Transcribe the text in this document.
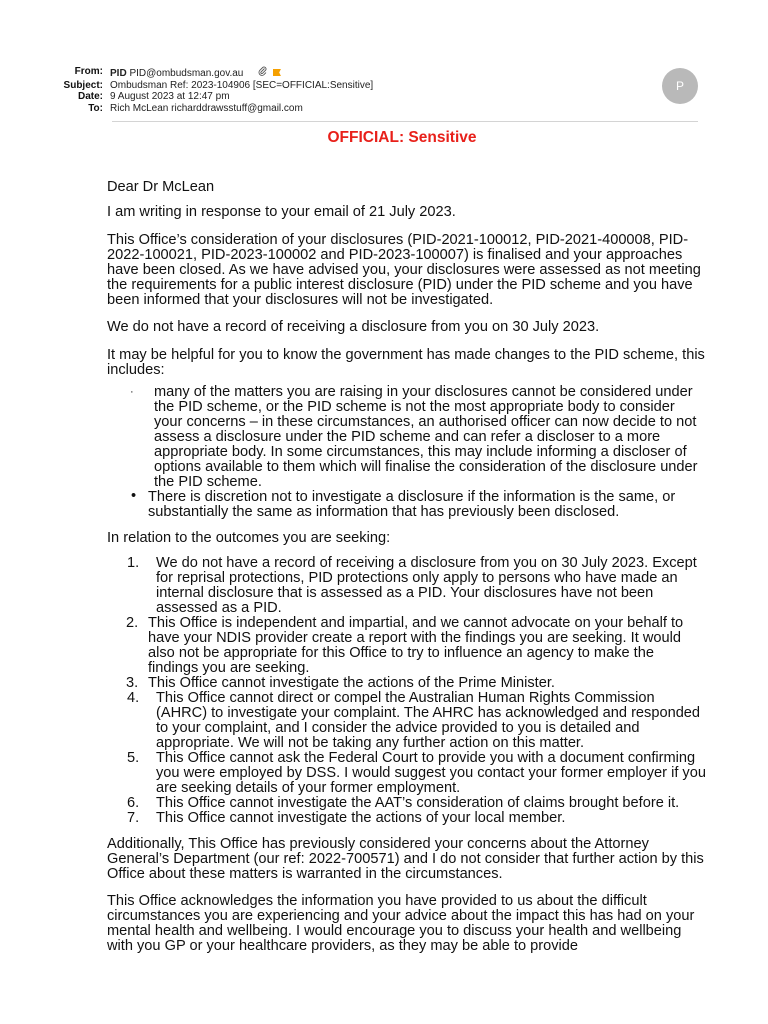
From: PID PID@ombudsman.gov.au
Subject: Ombudsman Ref: 2023-104906 [SEC=OFFICIAL:Sensitive]
Date: 9 August 2023 at 12:47 pm
To: Rich McLean richarddrawsstuff@gmail.com
P
OFFICIAL: Sensitive

Dear Dr McLean

I am writing in response to your email of 21 July 2023.

This Office’s consideration of your disclosures (PID-2021-100012, PID-2021-400008, PID-2022-100021, PID-2023-100002 and PID-2023-100007) is finalised and your approaches have been closed. As we have advised you, your disclosures were assessed as not meeting the requirements for a public interest disclosure (PID) under the PID scheme and you have been informed that your disclosures will not be investigated.

We do not have a record of receiving a disclosure from you on 30 July 2023.

It may be helpful for you to know the government has made changes to the PID scheme, this includes:

· many of the matters you are raising in your disclosures cannot be considered under the PID scheme, or the PID scheme is not the most appropriate body to consider your concerns – in these circumstances, an authorised officer can now decide to not assess a disclosure under the PID scheme and can refer a discloser to a more appropriate body. In some circumstances, this may include informing a discloser of options available to them which will finalise the consideration of the disclosure under the PID scheme.
• There is discretion not to investigate a disclosure if the information is the same, or substantially the same as information that has previously been disclosed.

In relation to the outcomes you are seeking:

1. We do not have a record of receiving a disclosure from you on 30 July 2023. Except for reprisal protections, PID protections only apply to persons who have made an internal disclosure that is assessed as a PID. Your disclosures have not been assessed as a PID.
2. This Office is independent and impartial, and we cannot advocate on your behalf to have your NDIS provider create a report with the findings you are seeking. It would also not be appropriate for this Office to try to influence an agency to make the findings you are seeking.
3. This Office cannot investigate the actions of the Prime Minister.
4. This Office cannot direct or compel the Australian Human Rights Commission (AHRC) to investigate your complaint. The AHRC has acknowledged and responded to your complaint, and I consider the advice provided to you is detailed and appropriate. We will not be taking any further action on this matter.
5. This Office cannot ask the Federal Court to provide you with a document confirming you were employed by DSS. I would suggest you contact your former employer if you are seeking details of your former employment.
6. This Office cannot investigate the AAT’s consideration of claims brought before it.
7. This Office cannot investigate the actions of your local member.

Additionally, This Office has previously considered your concerns about the Attorney General’s Department (our ref: 2022-700571) and I do not consider that further action by this Office about these matters is warranted in the circumstances.

This Office acknowledges the information you have provided to us about the difficult circumstances you are experiencing and your advice about the impact this has had on your mental health and wellbeing. I would encourage you to discuss your health and wellbeing with you GP or your healthcare providers, as they may be able to provide
